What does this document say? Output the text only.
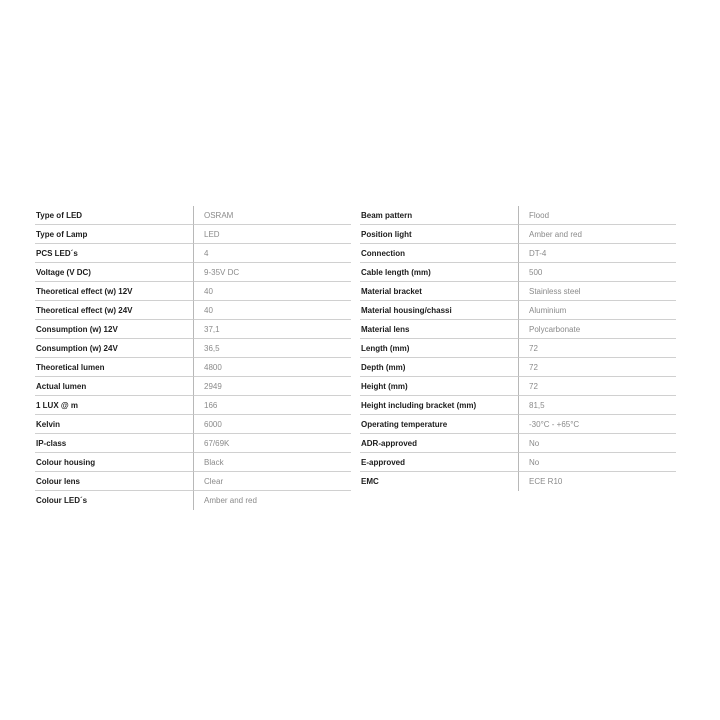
Type of LED	OSRAM
Type of Lamp	LED
PCS LED´s	4
Voltage (V DC)	9-35V DC
Theoretical effect (w) 12V	40
Theoretical effect (w) 24V	40
Consumption (w) 12V	37,1
Consumption (w) 24V	36,5
Theoretical lumen	4800
Actual lumen	2949
1 LUX @ m	166
Kelvin	6000
IP-class	67/69K
Colour housing	Black
Colour lens	Clear
Colour LED´s	Amber and red
Beam pattern	Flood
Position light	Amber and red
Connection	DT-4
Cable length (mm)	500
Material bracket	Stainless steel
Material housing/chassi	Aluminium
Material lens	Polycarbonate
Length (mm)	72
Depth (mm)	72
Height (mm)	72
Height including bracket (mm)	81,5
Operating temperature	-30°C - +65°C
ADR-approved	No
E-approved	No
EMC	ECE R10
